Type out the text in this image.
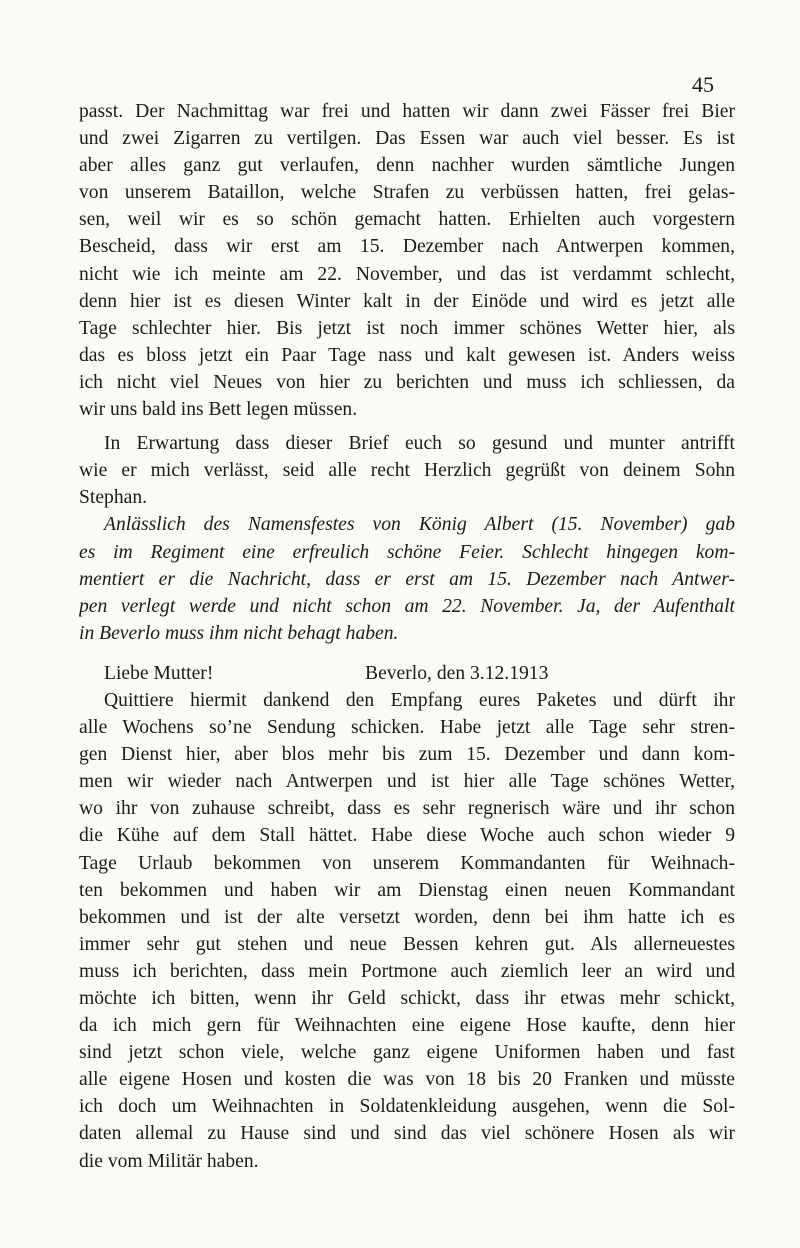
45
passt. Der Nachmittag war frei und hatten wir dann zwei Fässer frei Bier
und zwei Zigarren zu vertilgen. Das Essen war auch viel besser. Es ist
aber alles ganz gut verlaufen, denn nachher wurden sämtliche Jungen
von unserem Bataillon, welche Strafen zu verbüssen hatten, frei gelas-
sen, weil wir es so schön gemacht hatten. Erhielten auch vorgestern
Bescheid, dass wir erst am 15. Dezember nach Antwerpen kommen,
nicht wie ich meinte am 22. November, und das ist verdammt schlecht,
denn hier ist es diesen Winter kalt in der Einöde und wird es jetzt alle
Tage schlechter hier. Bis jetzt ist noch immer schönes Wetter hier, als
das es bloss jetzt ein Paar Tage nass und kalt gewesen ist. Anders weiss
ich nicht viel Neues von hier zu berichten und muss ich schliessen, da
wir uns bald ins Bett legen müssen.
In Erwartung dass dieser Brief euch so gesund und munter antrifft
wie er mich verlässt, seid alle recht Herzlich gegrüßt von deinem Sohn
Stephan.
Anlässlich des Namensfestes von König Albert (15. November) gab
es im Regiment eine erfreulich schöne Feier. Schlecht hingegen kom-
mentiert er die Nachricht, dass er erst am 15. Dezember nach Antwer-
pen verlegt werde und nicht schon am 22. November. Ja, der Aufenthalt
in Beverlo muss ihm nicht behagt haben.
Liebe Mutter!	Beverlo, den 3.12.1913
Quittiere hiermit dankend den Empfang eures Paketes und dürft ihr
alle Wochens so’ne Sendung schicken. Habe jetzt alle Tage sehr stren-
gen Dienst hier, aber blos mehr bis zum 15. Dezember und dann kom-
men wir wieder nach Antwerpen und ist hier alle Tage schönes Wetter,
wo ihr von zuhause schreibt, dass es sehr regnerisch wäre und ihr schon
die Kühe auf dem Stall hättet. Habe diese Woche auch schon wieder 9
Tage Urlaub bekommen von unserem Kommandanten für Weihnach-
ten bekommen und haben wir am Dienstag einen neuen Kommandant
bekommen und ist der alte versetzt worden, denn bei ihm hatte ich es
immer sehr gut stehen und neue Bessen kehren gut. Als allerneuestes
muss ich berichten, dass mein Portmone auch ziemlich leer an wird und
möchte ich bitten, wenn ihr Geld schickt, dass ihr etwas mehr schickt,
da ich mich gern für Weihnachten eine eigene Hose kaufte, denn hier
sind jetzt schon viele, welche ganz eigene Uniformen haben und fast
alle eigene Hosen und kosten die was von 18 bis 20 Franken und müsste
ich doch um Weihnachten in Soldatenkleidung ausgehen, wenn die Sol-
daten allemal zu Hause sind und sind das viel schönere Hosen als wir
die vom Militär haben.
